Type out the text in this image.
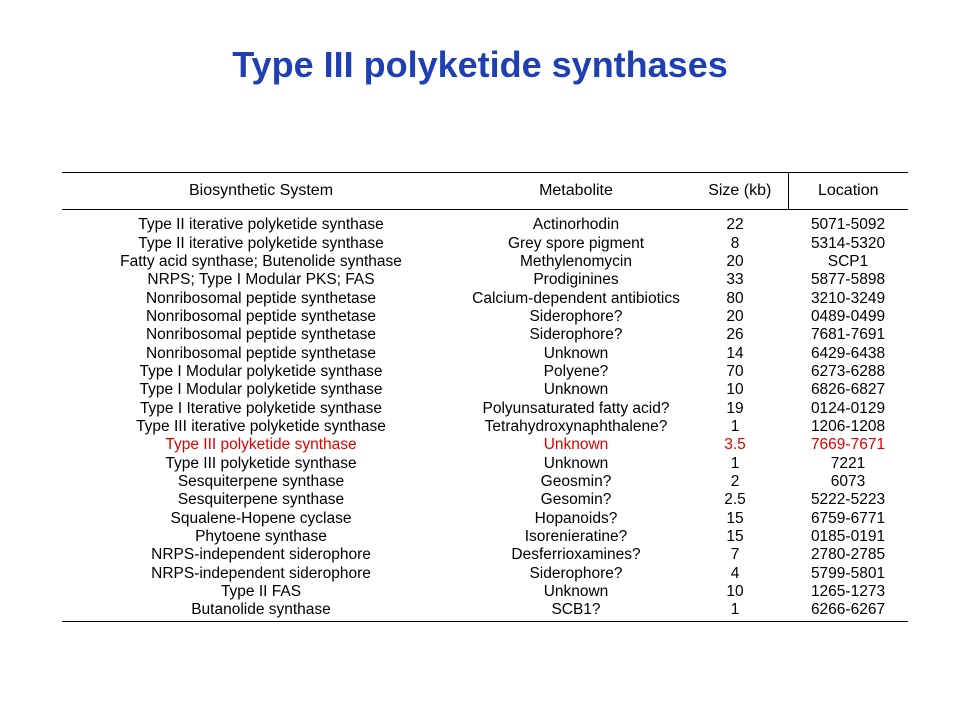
Type III polyketide synthases
Biosynthetic System	Metabolite	Size (kb)	Location
Type II iterative polyketide synthase	Actinorhodin	22	5071-5092
Type II iterative polyketide synthase	Grey spore pigment	8	5314-5320
Fatty acid synthase; Butenolide synthase	Methylenomycin	20	SCP1
NRPS; Type I Modular PKS; FAS	Prodiginines	33	5877-5898
Nonribosomal peptide synthetase	Calcium-dependent antibiotics	80	3210-3249
Nonribosomal peptide synthetase	Siderophore?	20	0489-0499
Nonribosomal peptide synthetase	Siderophore?	26	7681-7691
Nonribosomal peptide synthetase	Unknown	14	6429-6438
Type I Modular polyketide synthase	Polyene?	70	6273-6288
Type I Modular polyketide synthase	Unknown	10	6826-6827
Type I Iterative polyketide synthase	Polyunsaturated fatty acid?	19	0124-0129
Type III iterative polyketide synthase	Tetrahydroxynaphthalene?	1	1206-1208
Type III polyketide synthase	Unknown	3.5	7669-7671
Type III polyketide synthase	Unknown	1	7221
Sesquiterpene synthase	Geosmin?	2	6073
Sesquiterpene synthase	Gesomin?	2.5	5222-5223
Squalene-Hopene cyclase	Hopanoids?	15	6759-6771
Phytoene synthase	Isorenieratine?	15	0185-0191
NRPS-independent siderophore	Desferrioxamines?	7	2780-2785
NRPS-independent siderophore	Siderophore?	4	5799-5801
Type II FAS	Unknown	10	1265-1273
Butanolide synthase	SCB1?	1	6266-6267
